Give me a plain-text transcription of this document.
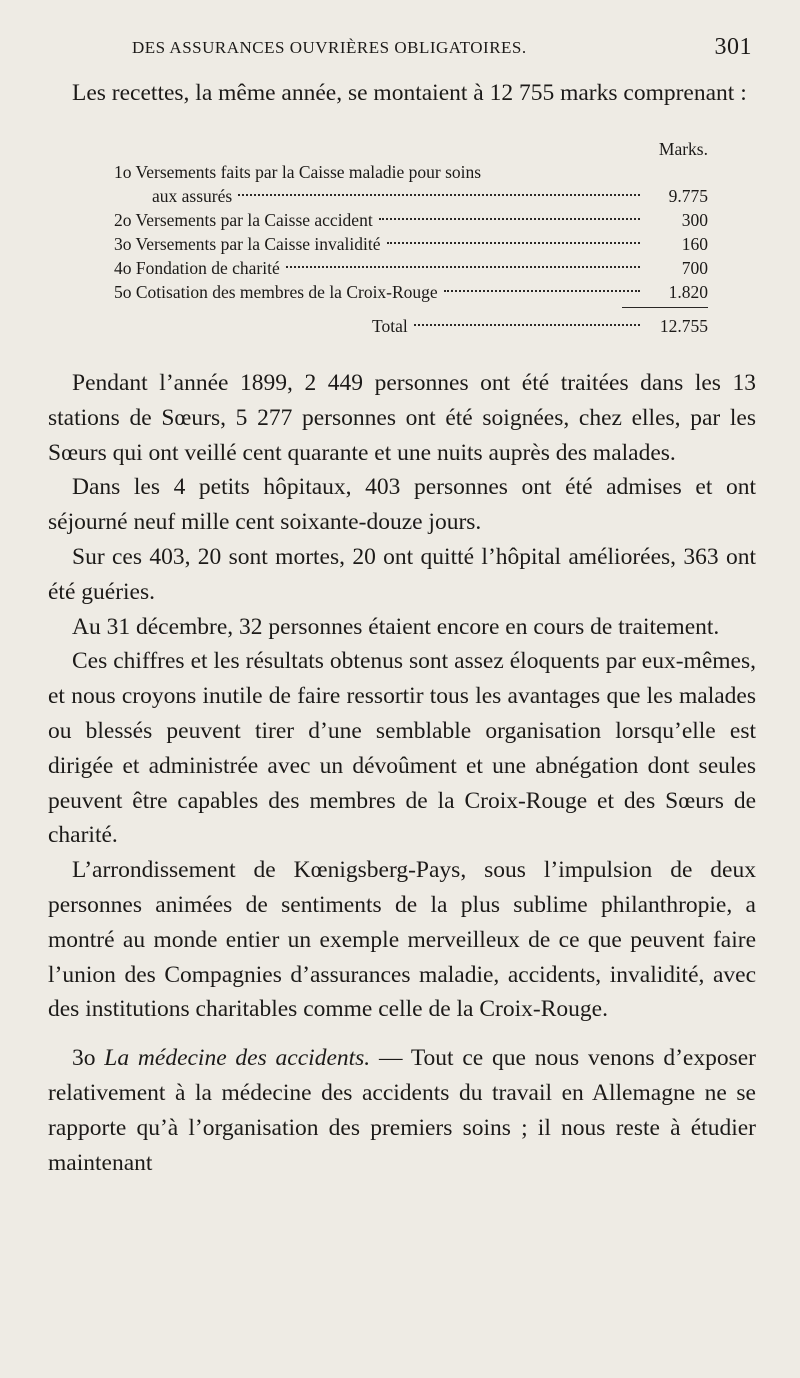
DES ASSURANCES OUVRIÈRES OBLIGATOIRES.	301

Les recettes, la même année, se montaient à 12 755 marks comprenant :

Marks.
1o Versements faits par la Caisse maladie pour soins
aux assurés	9.775
2o Versements par la Caisse accident	300
3o Versements par la Caisse invalidité	160
4o Fondation de charité	700
5o Cotisation des membres de la Croix-Rouge	1.820
Total	12.755

Pendant l’année 1899, 2 449 personnes ont été traitées dans les 13 stations de Sœurs, 5 277 personnes ont été soignées, chez elles, par les Sœurs qui ont veillé cent quarante et une nuits auprès des malades.

Dans les 4 petits hôpitaux, 403 personnes ont été admises et ont séjourné neuf mille cent soixante-douze jours.

Sur ces 403, 20 sont mortes, 20 ont quitté l’hôpital améliorées, 363 ont été guéries.

Au 31 décembre, 32 personnes étaient encore en cours de traitement.

Ces chiffres et les résultats obtenus sont assez éloquents par eux-mêmes, et nous croyons inutile de faire ressortir tous les avantages que les malades ou blessés peuvent tirer d’une semblable organisation lorsqu’elle est dirigée et administrée avec un dévoûment et une abnégation dont seules peuvent être capables des membres de la Croix-Rouge et des Sœurs de charité.

L’arrondissement de Kœnigsberg-Pays, sous l’impulsion de deux personnes animées de sentiments de la plus sublime philanthropie, a montré au monde entier un exemple merveilleux de ce que peuvent faire l’union des Compagnies d’assurances maladie, accidents, invalidité, avec des institutions charitables comme celle de la Croix-Rouge.

3o La médecine des accidents. — Tout ce que nous venons d’exposer relativement à la médecine des accidents du travail en Allemagne ne se rapporte qu’à l’organisation des premiers soins ; il nous reste à étudier maintenant
